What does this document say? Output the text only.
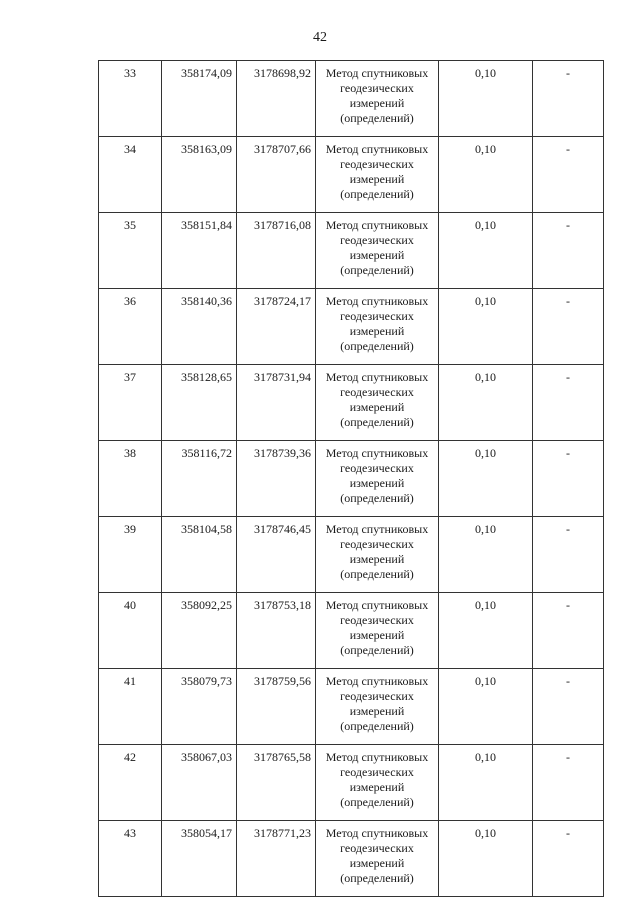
42
33	358174,09	3178698,92	Метод спутниковых геодезических измерений (определений)	0,10	-
34	358163,09	3178707,66	Метод спутниковых геодезических измерений (определений)	0,10	-
35	358151,84	3178716,08	Метод спутниковых геодезических измерений (определений)	0,10	-
36	358140,36	3178724,17	Метод спутниковых геодезических измерений (определений)	0,10	-
37	358128,65	3178731,94	Метод спутниковых геодезических измерений (определений)	0,10	-
38	358116,72	3178739,36	Метод спутниковых геодезических измерений (определений)	0,10	-
39	358104,58	3178746,45	Метод спутниковых геодезических измерений (определений)	0,10	-
40	358092,25	3178753,18	Метод спутниковых геодезических измерений (определений)	0,10	-
41	358079,73	3178759,56	Метод спутниковых геодезических измерений (определений)	0,10	-
42	358067,03	3178765,58	Метод спутниковых геодезических измерений (определений)	0,10	-
43	358054,17	3178771,23	Метод спутниковых геодезических измерений (определений)	0,10	-
